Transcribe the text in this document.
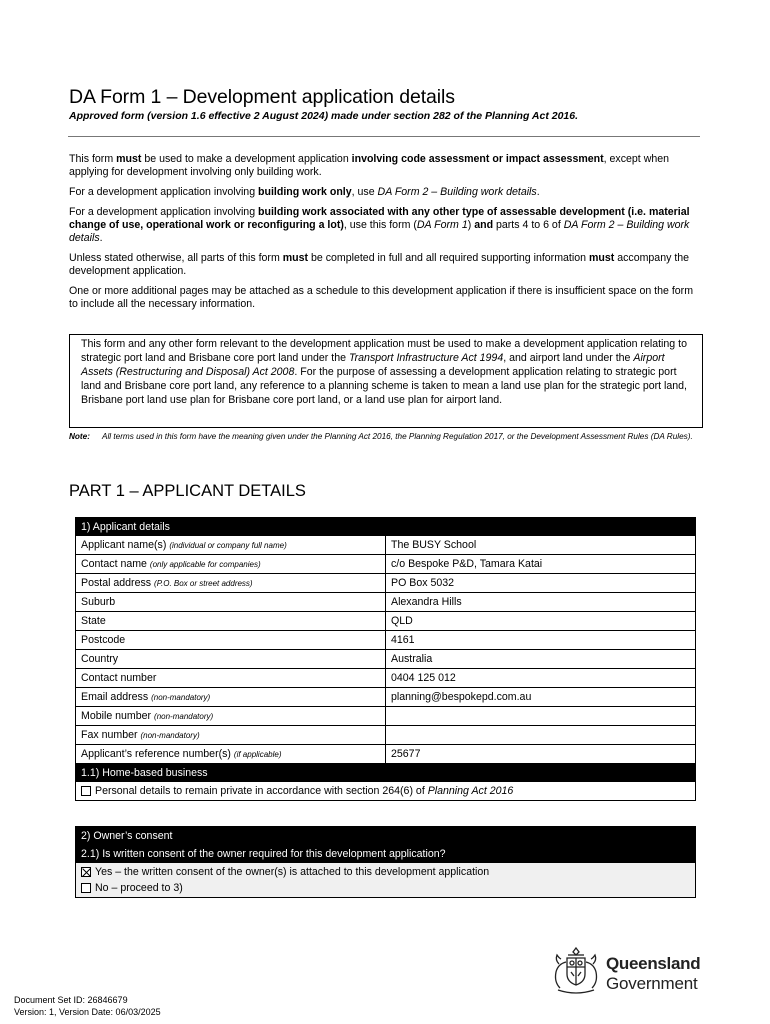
DA Form 1 – Development application details
Approved form (version 1.6 effective 2 August 2024) made under section 282 of the Planning Act 2016.

This form must be used to make a development application involving code assessment or impact assessment, except when applying for development involving only building work.

For a development application involving building work only, use DA Form 2 – Building work details.

For a development application involving building work associated with any other type of assessable development (i.e. material change of use, operational work or reconfiguring a lot), use this form (DA Form 1) and parts 4 to 6 of DA Form 2 – Building work details.

Unless stated otherwise, all parts of this form must be completed in full and all required supporting information must accompany the development application.

One or more additional pages may be attached as a schedule to this development application if there is insufficient space on the form to include all the necessary information.

This form and any other form relevant to the development application must be used to make a development application relating to strategic port land and Brisbane core port land under the Transport Infrastructure Act 1994, and airport land under the Airport Assets (Restructuring and Disposal) Act 2008. For the purpose of assessing a development application relating to strategic port land and Brisbane core port land, any reference to a planning scheme is taken to mean a land use plan for the strategic port land, Brisbane port land use plan for Brisbane core port land, or a land use plan for airport land.
Note: All terms used in this form have the meaning given under the Planning Act 2016, the Planning Regulation 2017, or the Development Assessment Rules (DA Rules).
PART 1 – APPLICANT DETAILS
1) Applicant details	
Applicant name(s) (individual or company full name)	The BUSY School
Contact name (only applicable for companies)	c/o Bespoke P&D, Tamara Katai
Postal address (P.O. Box or street address)	PO Box 5032
Suburb	Alexandra Hills
State	QLD
Postcode	4161
Country	Australia
Contact number	0404 125 012
Email address (non-mandatory)	planning@bespokepd.com.au
Mobile number (non-mandatory)	
Fax number (non-mandatory)	
Applicant’s reference number(s) (if applicable)	25677
1.1) Home-based business	
Personal details to remain private in accordance with section 264(6) of Planning Act 2016	
2) Owner’s consent
2.1) Is written consent of the owner required for this development application?

Yes – the written consent of the owner(s) is attached to this development application
No – proceed to 3)
Document Set ID: 26846679
Version: 1, Version Date: 06/03/2025
Queensland
Government
